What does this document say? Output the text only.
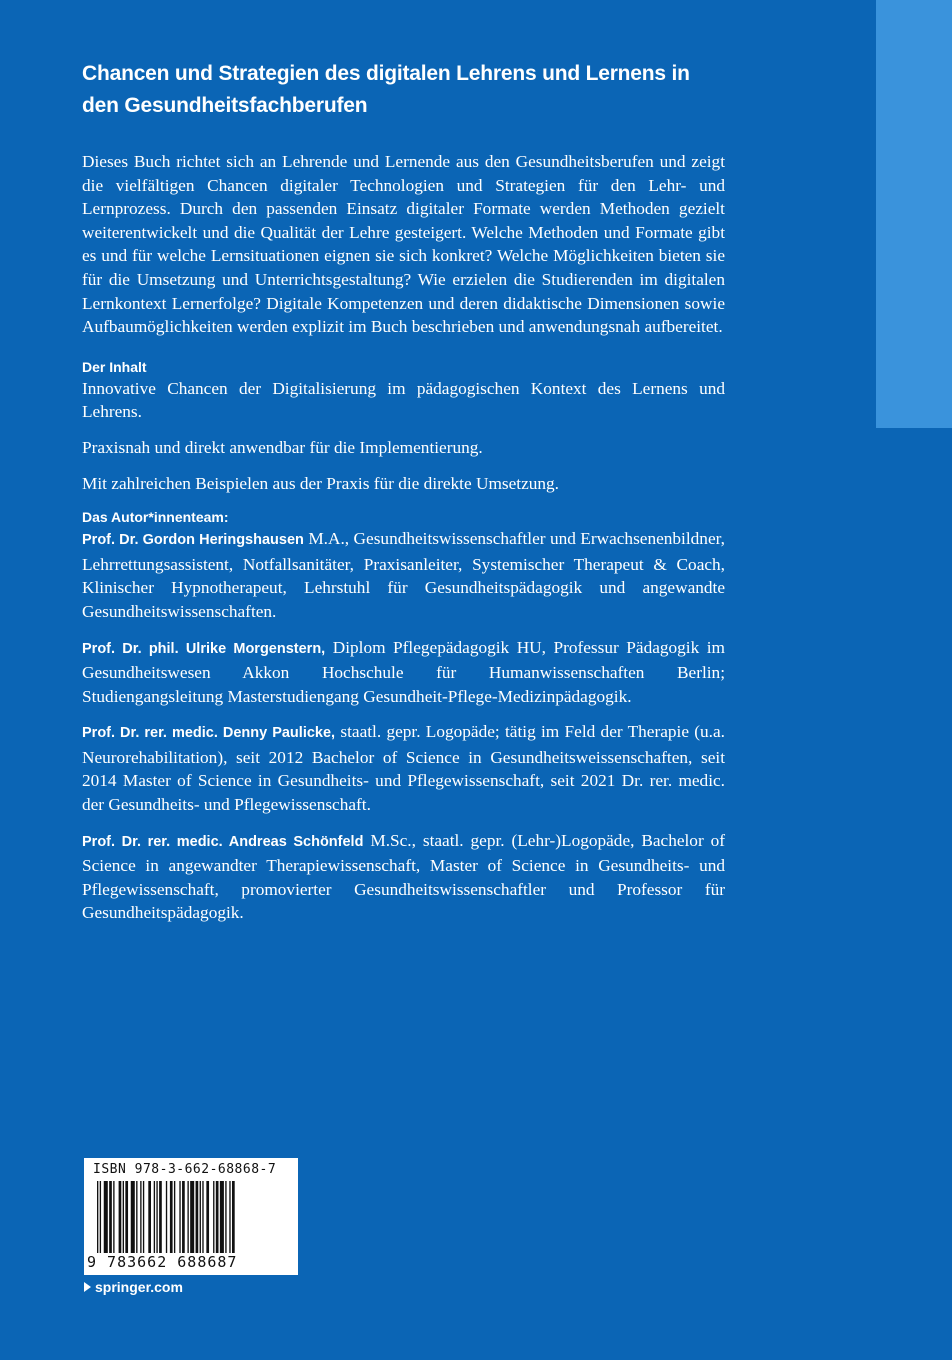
Chancen und Strategien des digitalen Lehrens und Lernens in den Gesundheitsfachberufen

Dieses Buch richtet sich an Lehrende und Lernende aus den Gesundheitsberufen und zeigt die vielfältigen Chancen digitaler Technologien und Strategien für den Lehr- und Lernprozess. Durch den passenden Einsatz digitaler Formate werden Methoden gezielt weiterentwickelt und die Qualität der Lehre gesteigert. Welche Methoden und Formate gibt es und für welche Lernsituationen eignen sie sich konkret? Welche Möglichkeiten bieten sie für die Umsetzung und Unterrichtsgestaltung? Wie erzielen die Studierenden im digitalen Lernkontext Lernerfolge? Digitale Kompetenzen und deren didaktische Dimensionen sowie Aufbaumöglichkeiten werden explizit im Buch beschrieben und anwendungsnah aufbereitet.

Der Inhalt

Innovative Chancen der Digitalisierung im pädagogischen Kontext des Lernens und Lehrens.

Praxisnah und direkt anwendbar für die Implementierung.

Mit zahlreichen Beispielen aus der Praxis für die direkte Umsetzung.

Das Autor*innenteam:

Prof. Dr. Gordon Heringshausen M.A., Gesundheitswissenschaftler und Erwachsenenbildner, Lehrrettungsassistent, Notfallsanitäter, Praxisanleiter, Systemischer Therapeut & Coach, Klinischer Hypnotherapeut, Lehrstuhl für Gesundheitspädagogik und angewandte Gesundheitswissenschaften.

Prof. Dr. phil. Ulrike Morgenstern, Diplom Pflegepädagogik HU, Professur Pädagogik im Gesundheitswesen Akkon Hochschule für Humanwissenschaften Berlin; Studiengangsleitung Masterstudiengang Gesundheit-Pflege-Medizinpädagogik.

Prof. Dr. rer. medic. Denny Paulicke, staatl. gepr. Logopäde; tätig im Feld der Therapie (u.a. Neurorehabilitation), seit 2012 Bachelor of Science in Gesundheitsweissenschaften, seit 2014 Master of Science in Gesundheits- und Pflegewissenschaft, seit 2021 Dr. rer. medic. der Gesundheits- und Pflegewissenschaft.

Prof. Dr. rer. medic. Andreas Schönfeld M.Sc., staatl. gepr. (Lehr-)Logopäde, Bachelor of Science in angewandter Therapiewissenschaft, Master of Science in Gesundheits- und Pflegewissenschaft, promovierter Gesundheitswissenschaftler und Professor für Gesundheitspädagogik.

ISBN 978-3-662-68868-7
9 783662 688687
springer.com
